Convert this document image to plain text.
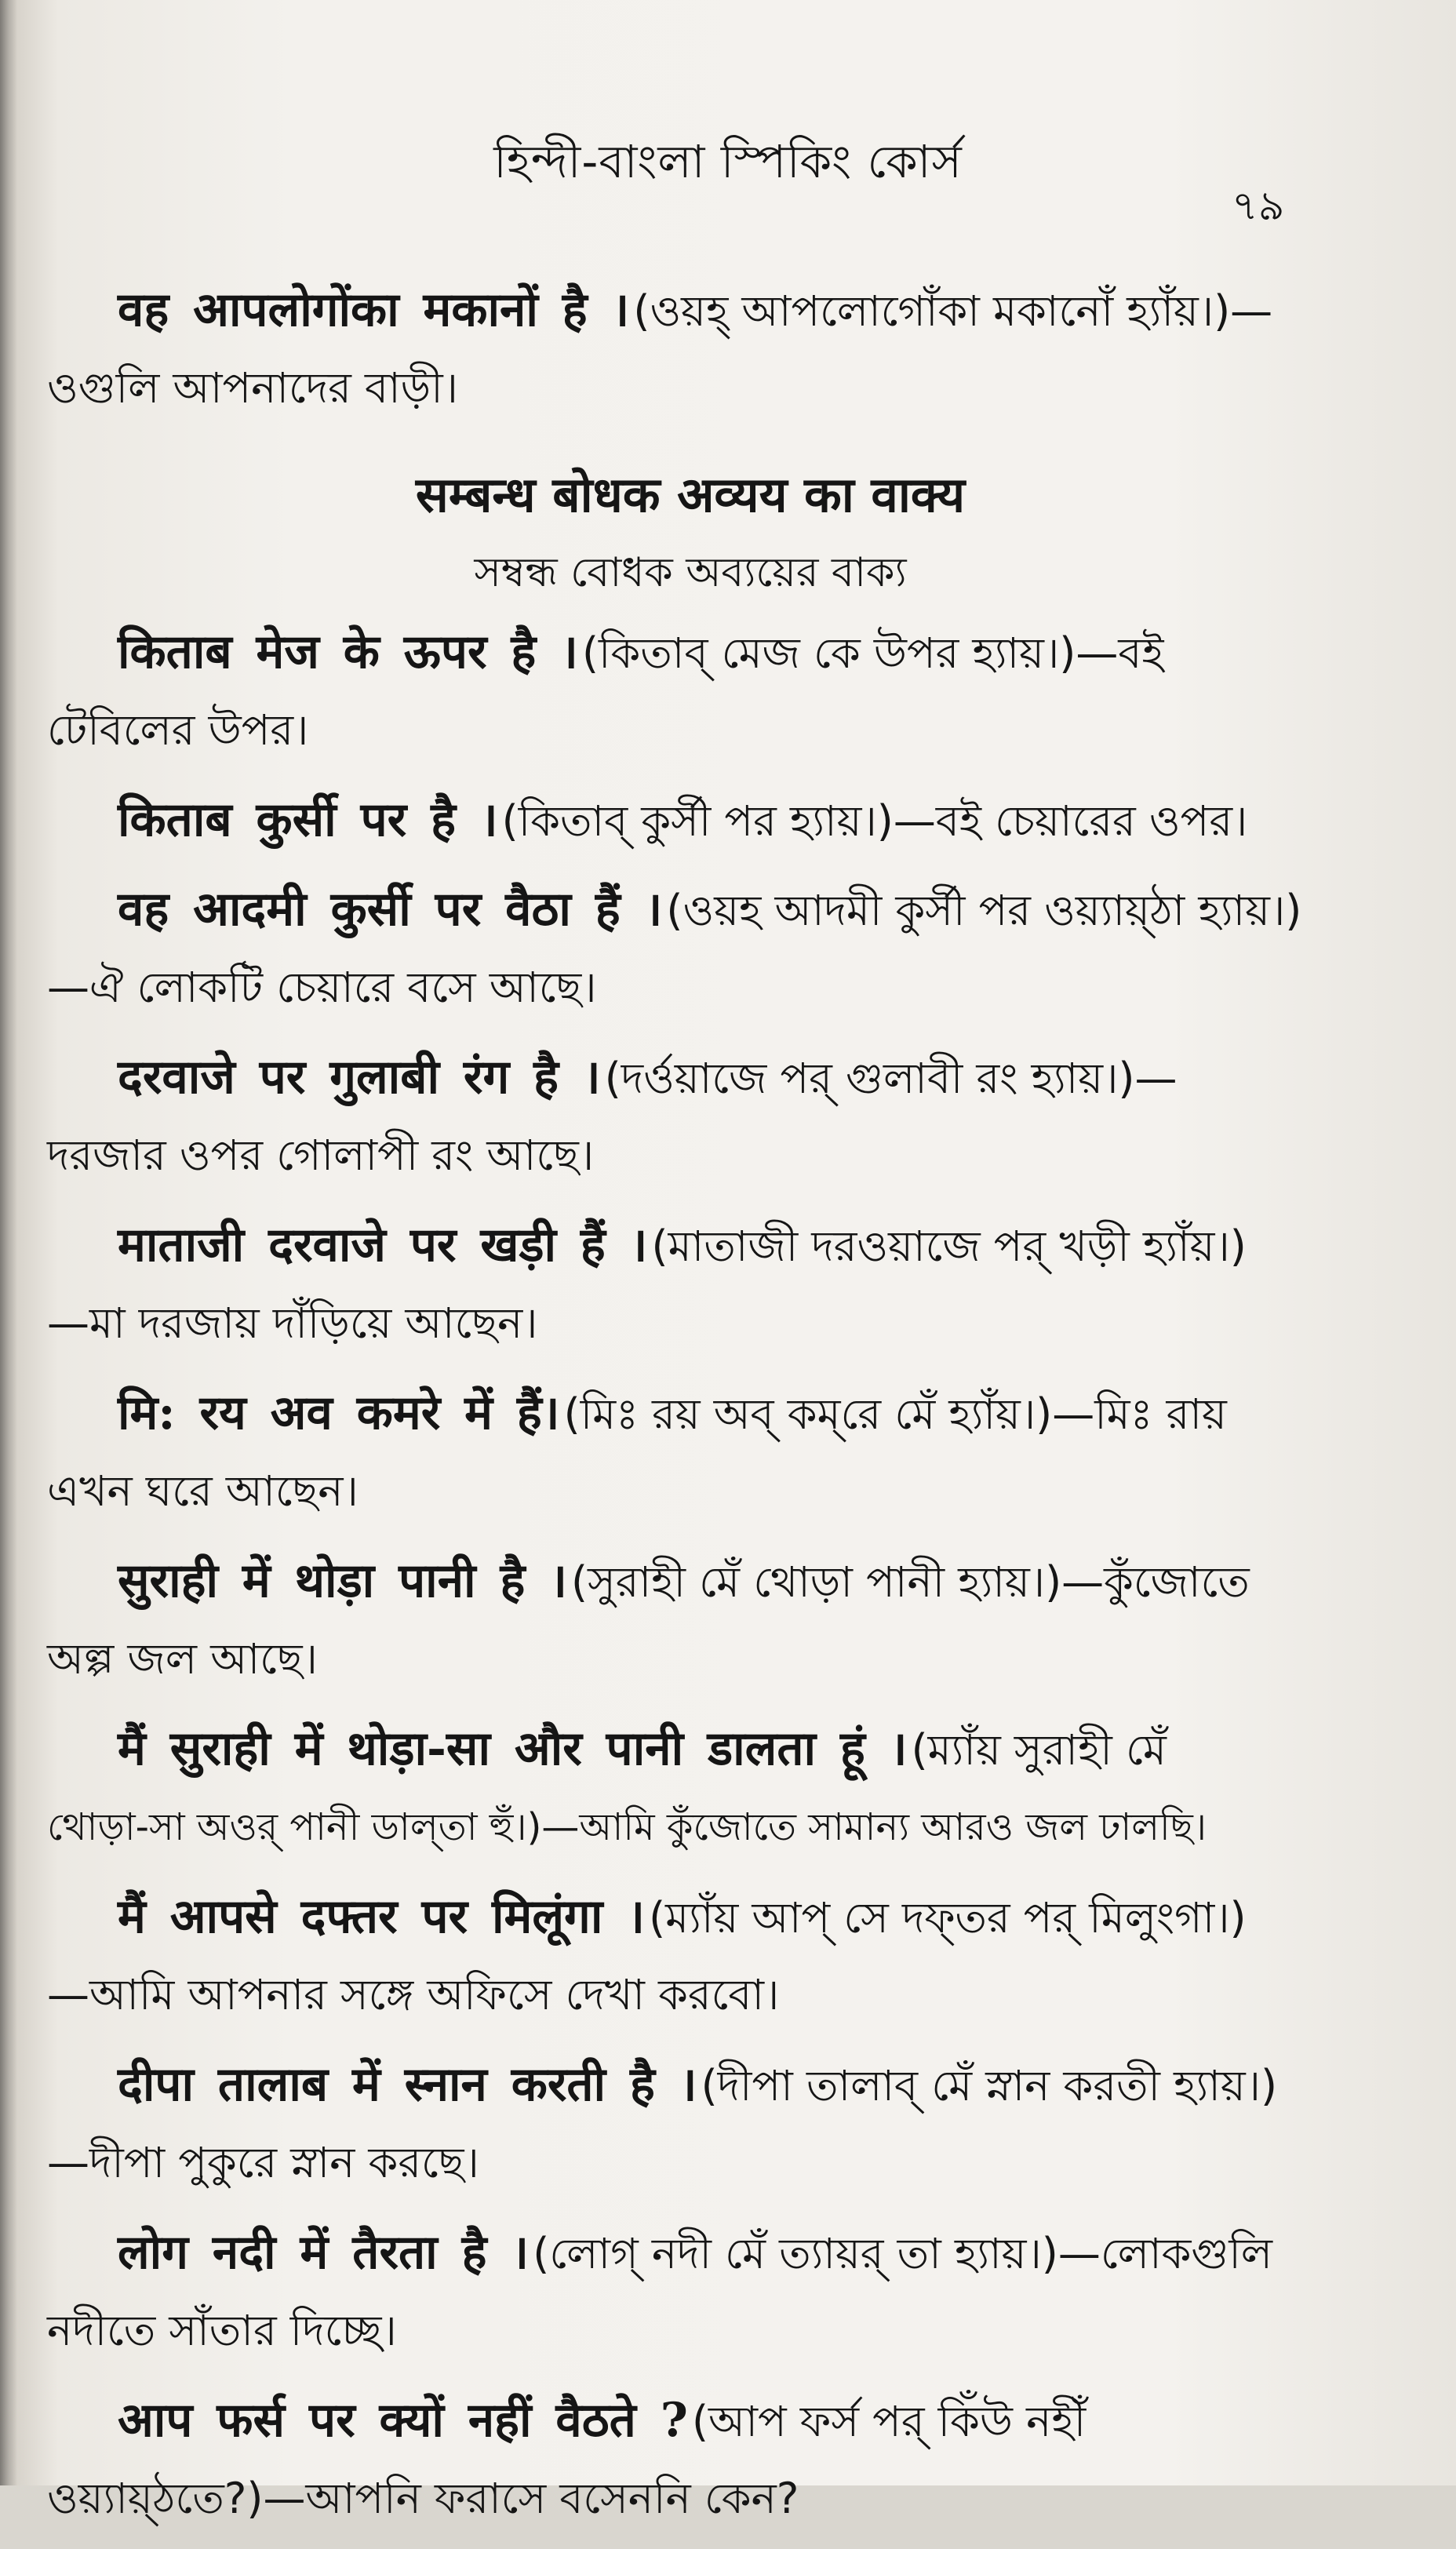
হিন্দী-বাংলা স্পিকিং কোর্স
৭৯
वह आपलोगोंका मकानों है । (ওয়হ্ আপলোগোঁকা মকানোঁ হ্যাঁয়।)—
ওগুলি আপনাদের বাড়ী।
सम्बन्ध बोधक अव्यय का वाक्य
সম্বন্ধ বোধক অব্যয়ের বাক্য
किताब मेज के ऊपर है । (কিতাব্ মেজ কে উপর হ্যায়।)—বই
টেবিলের উপর।
किताब कुर्सी पर है । (কিতাব্ কুর্সী পর হ্যায়।)—বই চেয়ারের ওপর।
वह आदमी कुर्सी पर वैठा हैं । (ওয়হ আদমী কুর্সী পর ওয়্যায়্ঠা হ্যায়।)
—ঐ লোকটি চেয়ারে বসে আছে।
दरवाजे पर गुलाबी रंग है । (দর্ওয়াজে পর্ গুলাবী রং হ্যায়।)—
দরজার ওপর গোলাপী রং আছে।
माताजी दरवाजे पर खड़ी हैं । (মাতাজী দরওয়াজে পর্ খড়ী হ্যাঁয়।)
—মা দরজায় দাঁড়িয়ে আছেন।
मि: रय अव कमरे में हैं। (মিঃ রয় অব্ কম্‌রে মেঁ হ্যাঁয়।)—মিঃ রায়
এখন ঘরে আছেন।
सुराही में थोड़ा पानी है । (সুরাহী মেঁ থোড়া পানী হ্যায়।)—কুঁজোতে
অল্প জল আছে।
मैं सुराही में थोड़ा-सा और पानी डालता हूं । (ম্যাঁয় সুরাহী মেঁ
থোড়া-সা অওর্ পানী ডাল্‌তা হুঁ।)—আমি কুঁজোতে সামান্য আরও জল ঢালছি।
मैं आपसे दफ्तर पर मिलूंगा । (ম্যাঁয় আপ্ সে দফ্‌তর পর্ মিলুংগা।)
—আমি আপনার সঙ্গে অফিসে দেখা করবো।
दीपा तालाब में स्नान करती है । (দীপা তালাব্ মেঁ স্নান করতী হ্যায়।)
—দীপা পুকুরে স্নান করছে।
लोग नदी में तैरता है । (লোগ্ নদী মেঁ ত্যায়র্ তা হ্যায়।)—লোকগুলি
নদীতে সাঁতার দিচ্ছে।
आप फर्स पर क्यों नहीं वैठते ? (আপ ফর্স পর্ কিঁউ নহীঁ
ওয়্যায়্‌ঠতে?)—আপনি ফরাসে বসেননি কেন?
